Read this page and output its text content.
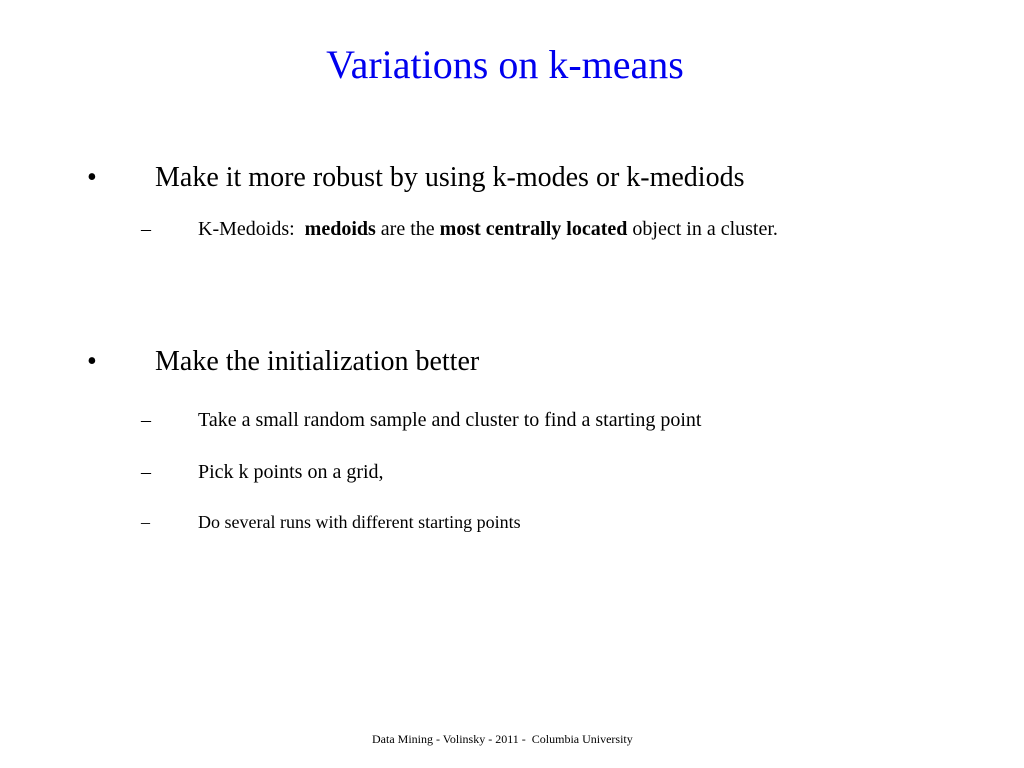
Variations on k-means
• Make it more robust by using k-modes or k-mediods
– K-Medoids:  medoids are the most centrally located object in a cluster.
• Make the initialization better
– Take a small random sample and cluster to find a starting point
– Pick k points on a grid,
–	Do several runs with different starting points
Data Mining - Volinsky - 2011 -  Columbia University
